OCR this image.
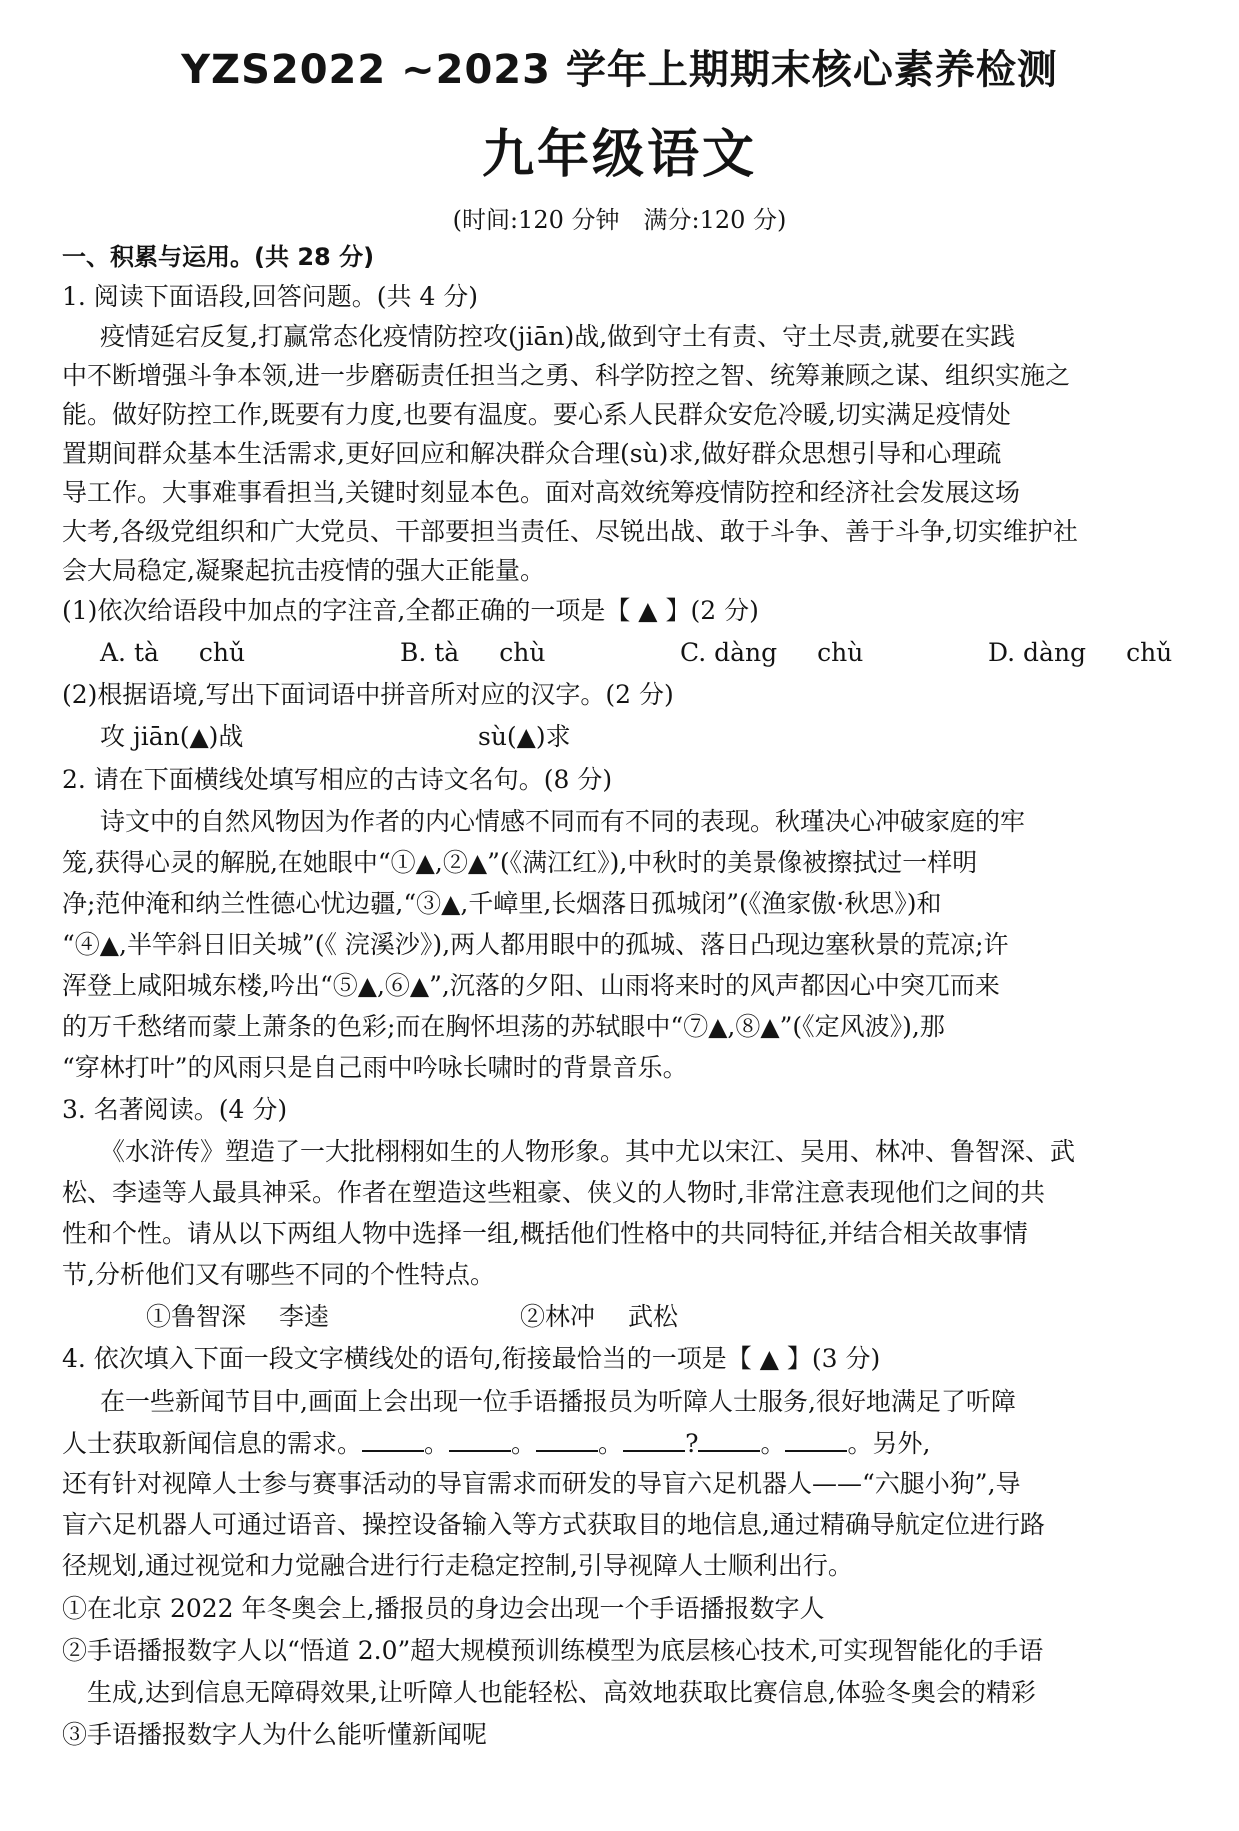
YZS2022 ~2023 学年上期期末核心素养检测
九年级语文
(时间:120 分钟　满分:120 分)
一、积累与运用。(共 28 分)
1. 阅读下面语段,回答问题。(共 4 分)
疫情延宕反复,打赢常态化疫情防控攻(jiān)战,做到守土有责、守土尽责,就要在实践
中不断增强斗争本领,进一步磨砺责任担当之勇、科学防控之智、统筹兼顾之谋、组织实施之
能。做好防控工作,既要有力度,也要有温度。要心系人民群众安危冷暖,切实满足疫情处
置期间群众基本生活需求,更好回应和解决群众合理(sù)求,做好群众思想引导和心理疏
导工作。大事难事看担当,关键时刻显本色。面对高效统筹疫情防控和经济社会发展这场
大考,各级党组织和广大党员、干部要担当责任、尽锐出战、敢于斗争、善于斗争,切实维护社
会大局稳定,凝聚起抗击疫情的强大正能量。
(1)依次给语段中加点的字注音,全都正确的一项是【 ▲ 】(2 分)
A. tà chǔ	B. tà chù	C. dàng chù	D. dàng chǔ
(2)根据语境,写出下面词语中拼音所对应的汉字。(2 分)
攻 jiān(▲)战	sù(▲)求
2. 请在下面横线处填写相应的古诗文名句。(8 分)
诗文中的自然风物因为作者的内心情感不同而有不同的表现。秋瑾决心冲破家庭的牢
笼,获得心灵的解脱,在她眼中“①▲,②▲”(《满江红》),中秋时的美景像被擦拭过一样明
净;范仲淹和纳兰性德心忧边疆,“③▲,千嶂里,长烟落日孤城闭”(《渔家傲·秋思》)和
“④▲,半竿斜日旧关城”(《 浣溪沙》),两人都用眼中的孤城、落日凸现边塞秋景的荒凉;许
浑登上咸阳城东楼,吟出“⑤▲,⑥▲”,沉落的夕阳、山雨将来时的风声都因心中突兀而来
的万千愁绪而蒙上萧条的色彩;而在胸怀坦荡的苏轼眼中“⑦▲,⑧▲”(《定风波》),那
“穿林打叶”的风雨只是自己雨中吟咏长啸时的背景音乐。
3. 名著阅读。(4 分)
《水浒传》塑造了一大批栩栩如生的人物形象。其中尤以宋江、吴用、林冲、鲁智深、武
松、李逵等人最具神采。作者在塑造这些粗豪、侠义的人物时,非常注意表现他们之间的共
性和个性。请从以下两组人物中选择一组,概括他们性格中的共同特征,并结合相关故事情
节,分析他们又有哪些不同的个性特点。
①鲁智深　 李逵	②林冲　 武松
4. 依次填入下面一段文字横线处的语句,衔接最恰当的一项是【 ▲ 】(3 分)
在一些新闻节目中,画面上会出现一位手语播报员为听障人士服务,很好地满足了听障
人士获取新闻信息的需求。 。 。 。 ? 。 。另外,
还有针对视障人士参与赛事活动的导盲需求而研发的导盲六足机器人——“六腿小狗”,导
盲六足机器人可通过语音、操控设备输入等方式获取目的地信息,通过精确导航定位进行路
径规划,通过视觉和力觉融合进行行走稳定控制,引导视障人士顺利出行。
①在北京 2022 年冬奥会上,播报员的身边会出现一个手语播报数字人
②手语播报数字人以“悟道 2.0”超大规模预训练模型为底层核心技术,可实现智能化的手语
　生成,达到信息无障碍效果,让听障人也能轻松、高效地获取比赛信息,体验冬奥会的精彩
③手语播报数字人为什么能听懂新闻呢
